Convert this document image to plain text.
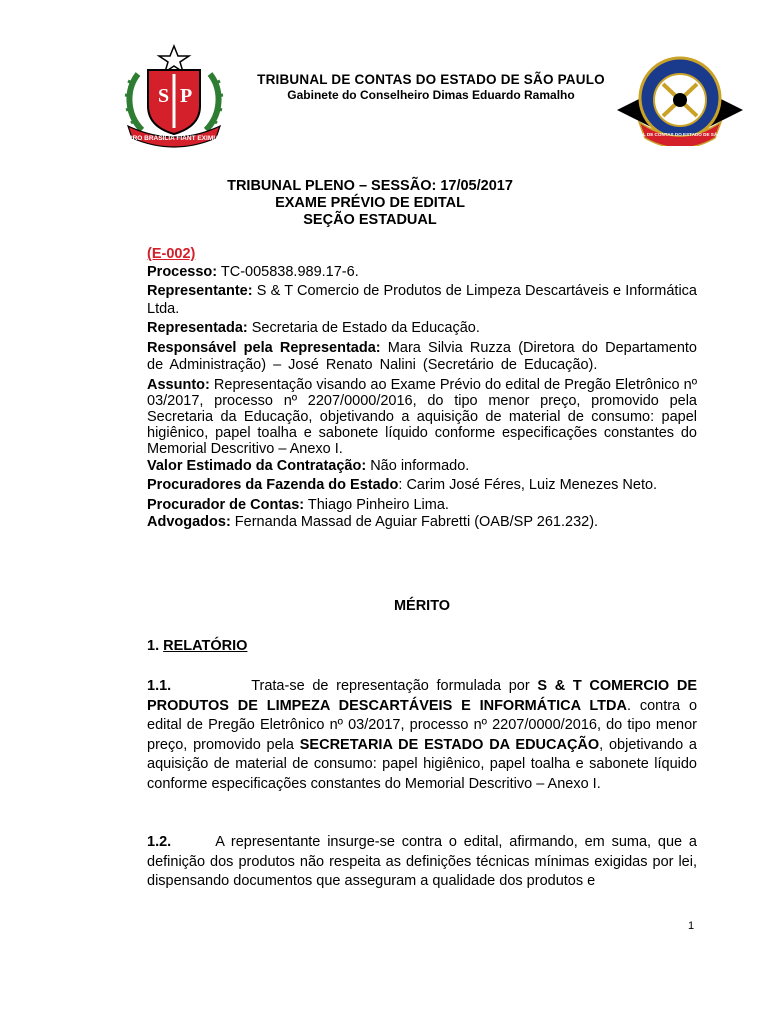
S P
PRO BRASILIA FIANT EXIMIA
TRIBUNAL DE CONTAS DO ESTADO DE SÃO PAULO
Gabinete do Conselheiro Dimas Eduardo Ramalho
TRIBUNAL DE CONTAS DO ESTADO DE SÃO PAULO
TRIBUNAL PLENO – SESSÃO: 17/05/2017
EXAME PRÉVIO DE EDITAL
SEÇÃO ESTADUAL
(E-002)
Processo: TC-005838.989.17-6.
Representante: S & T Comercio de Produtos de Limpeza Descartáveis e Informática Ltda.
Representada: Secretaria de Estado da Educação.
Responsável pela Representada: Mara Silvia Ruzza (Diretora do Departamento de Administração) – José Renato Nalini (Secretário de Educação).
Assunto: Representação visando ao Exame Prévio do edital de Pregão Eletrônico nº 03/2017, processo nº 2207/0000/2016, do tipo menor preço, promovido pela Secretaria da Educação, objetivando a aquisição de material de consumo: papel higiênico, papel toalha e sabonete líquido conforme especificações constantes do Memorial Descritivo – Anexo I.
Valor Estimado da Contratação: Não informado.
Procuradores da Fazenda do Estado: Carim José Féres, Luiz Menezes Neto.
Procurador de Contas: Thiago Pinheiro Lima.
Advogados: Fernanda Massad de Aguiar Fabretti (OAB/SP 261.232).
MÉRITO
1. RELATÓRIO
1.1.	Trata-se de representação formulada por S & T COMERCIO DE PRODUTOS DE LIMPEZA DESCARTÁVEIS E INFORMÁTICA LTDA. contra o edital de Pregão Eletrônico nº 03/2017, processo nº 2207/0000/2016, do tipo menor preço, promovido pela SECRETARIA DE ESTADO DA EDUCAÇÃO, objetivando a aquisição de material de consumo: papel higiênico, papel toalha e sabonete líquido conforme especificações constantes do Memorial Descritivo – Anexo I.
1.2.	A representante insurge-se contra o edital, afirmando, em suma, que a definição dos produtos não respeita as definições técnicas mínimas exigidas por lei, dispensando documentos que asseguram a qualidade dos produtos e
1
